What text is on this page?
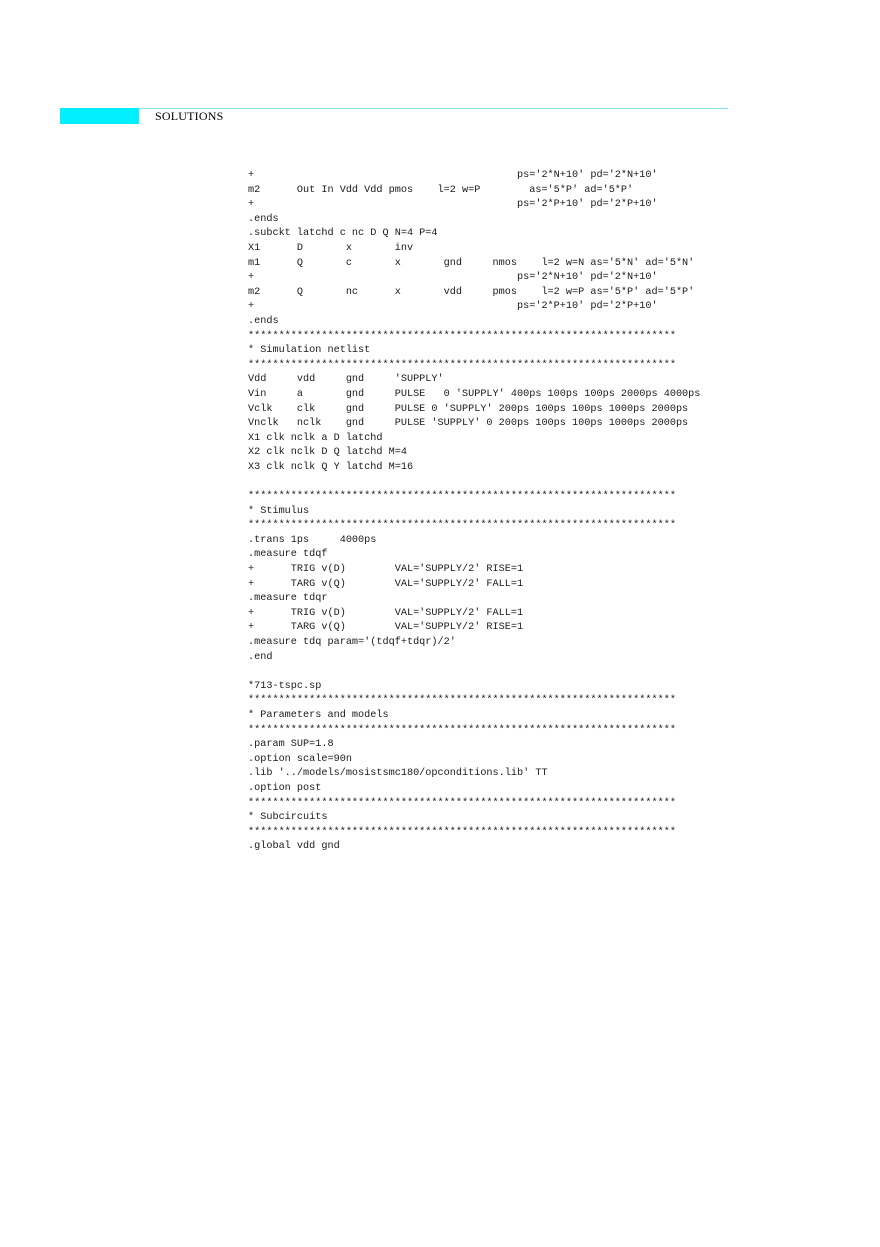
SOLUTIONS
+                                           ps='2*N+10' pd='2*N+10'
m2      Out In Vdd Vdd pmos    l=2 w=P        as='5*P' ad='5*P'
+                                           ps='2*P+10' pd='2*P+10'
.ends
.subckt latchd c nc D Q N=4 P=4
X1      D       x       inv
m1      Q       c       x       gnd     nmos    l=2 w=N as='5*N' ad='5*N'
+                                           ps='2*N+10' pd='2*N+10'
m2      Q       nc      x       vdd     pmos    l=2 w=P as='5*P' ad='5*P'
+                                           ps='2*P+10' pd='2*P+10'
.ends
**********************************************************************
* Simulation netlist
**********************************************************************
Vdd     vdd     gnd     'SUPPLY'
Vin     a       gnd     PULSE   0 'SUPPLY' 400ps 100ps 100ps 2000ps 4000ps
Vclk    clk     gnd     PULSE 0 'SUPPLY' 200ps 100ps 100ps 1000ps 2000ps
Vnclk   nclk    gnd     PULSE 'SUPPLY' 0 200ps 100ps 100ps 1000ps 2000ps
X1 clk nclk a D latchd
X2 clk nclk D Q latchd M=4
X3 clk nclk Q Y latchd M=16
**********************************************************************
* Stimulus
**********************************************************************
.trans 1ps     4000ps
.measure tdqf
+      TRIG v(D)        VAL='SUPPLY/2' RISE=1
+      TARG v(Q)        VAL='SUPPLY/2' FALL=1
.measure tdqr
+      TRIG v(D)        VAL='SUPPLY/2' FALL=1
+      TARG v(Q)        VAL='SUPPLY/2' RISE=1
.measure tdq param='(tdqf+tdqr)/2'
.end
*713-tspc.sp
**********************************************************************
* Parameters and models
**********************************************************************
.param SUP=1.8
.option scale=90n
.lib '../models/mosistsmc180/opconditions.lib' TT
.option post
**********************************************************************
* Subcircuits
**********************************************************************
.global vdd gnd
